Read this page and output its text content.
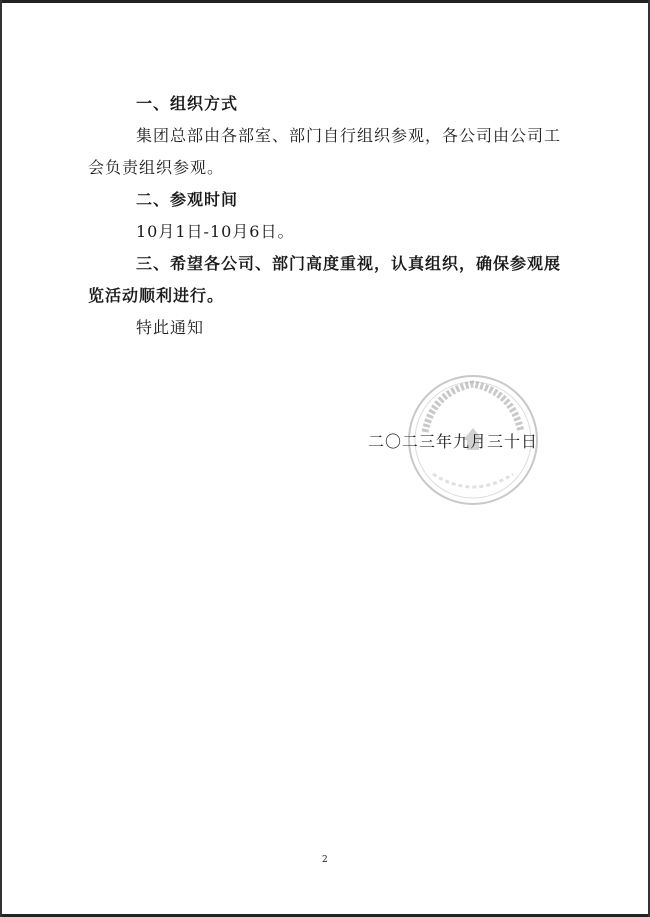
一、组织方式
集团总部由各部室、部门自行组织参观，各公司由公司工
会负责组织参观。
二、参观时间
10月1日-10月6日。
三、希望各公司、部门高度重视，认真组织，确保参观展
览活动顺利进行。
特此通知
二〇二三年九月三十日
2
